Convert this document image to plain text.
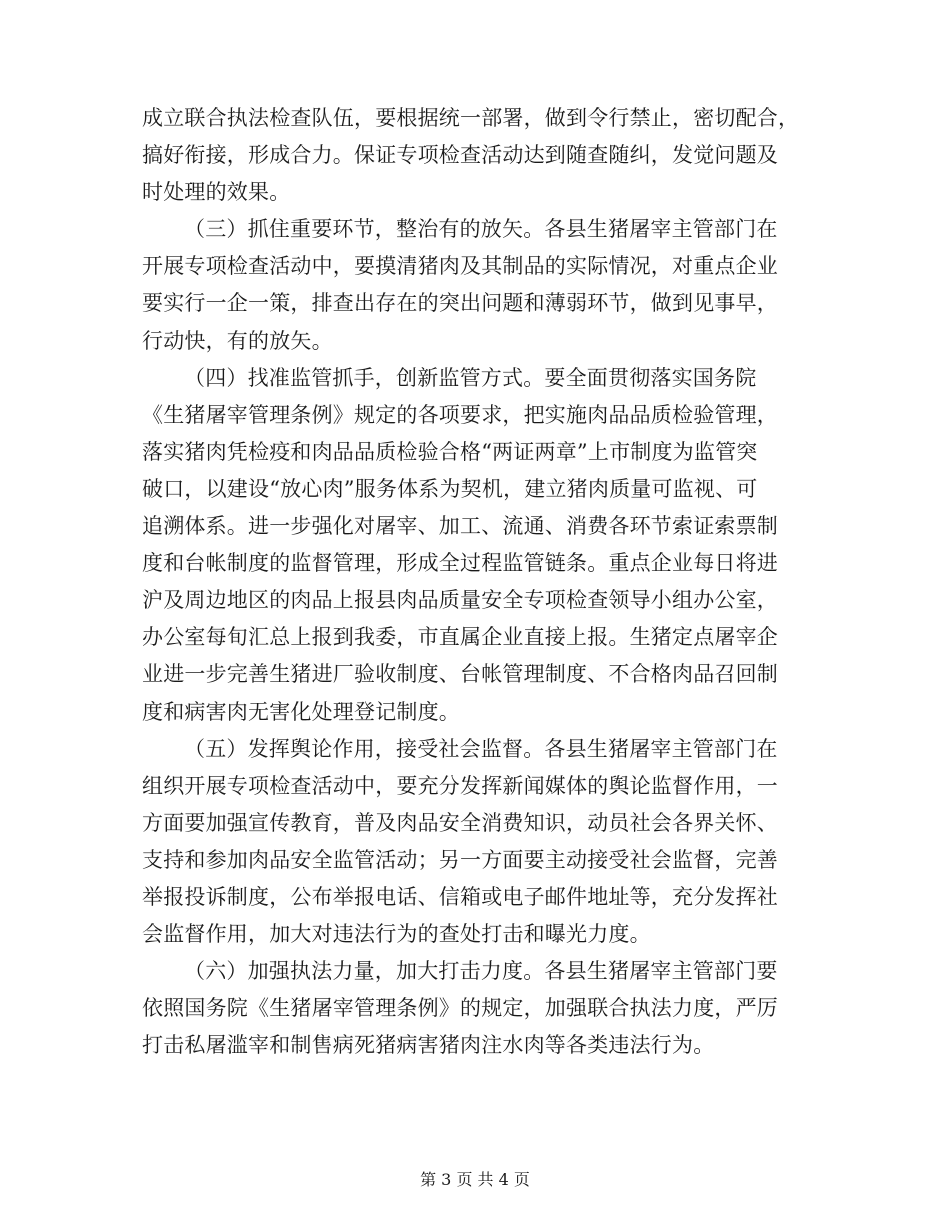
成立联合执法检查队伍，要根据统一部署，做到令行禁止，密切配合，
搞好衔接，形成合力。保证专项检查活动达到随查随纠，发觉问题及
时处理的效果。
（三）抓住重要环节，整治有的放矢。各县生猪屠宰主管部门在
开展专项检查活动中，要摸清猪肉及其制品的实际情况，对重点企业
要实行一企一策，排查出存在的突出问题和薄弱环节，做到见事早，
行动快，有的放矢。
（四）找准监管抓手，创新监管方式。要全面贯彻落实国务院
《生猪屠宰管理条例》规定的各项要求，把实施肉品品质检验管理，
落实猪肉凭检疫和肉品品质检验合格“两证两章”上市制度为监管突
破口，以建设“放心肉”服务体系为契机，建立猪肉质量可监视、可
追溯体系。进一步强化对屠宰、加工、流通、消费各环节索证索票制
度和台帐制度的监督管理，形成全过程监管链条。重点企业每日将进
沪及周边地区的肉品上报县肉品质量安全专项检查领导小组办公室，
办公室每旬汇总上报到我委，市直属企业直接上报。生猪定点屠宰企
业进一步完善生猪进厂验收制度、台帐管理制度、不合格肉品召回制
度和病害肉无害化处理登记制度。
（五）发挥舆论作用，接受社会监督。各县生猪屠宰主管部门在
组织开展专项检查活动中，要充分发挥新闻媒体的舆论监督作用，一
方面要加强宣传教育，普及肉品安全消费知识，动员社会各界关怀、
支持和参加肉品安全监管活动；另一方面要主动接受社会监督，完善
举报投诉制度，公布举报电话、信箱或电子邮件地址等，充分发挥社
会监督作用，加大对违法行为的查处打击和曝光力度。
（六）加强执法力量，加大打击力度。各县生猪屠宰主管部门要
依照国务院《生猪屠宰管理条例》的规定，加强联合执法力度，严厉
打击私屠滥宰和制售病死猪病害猪肉注水肉等各类违法行为。
第 3 页 共 4 页
